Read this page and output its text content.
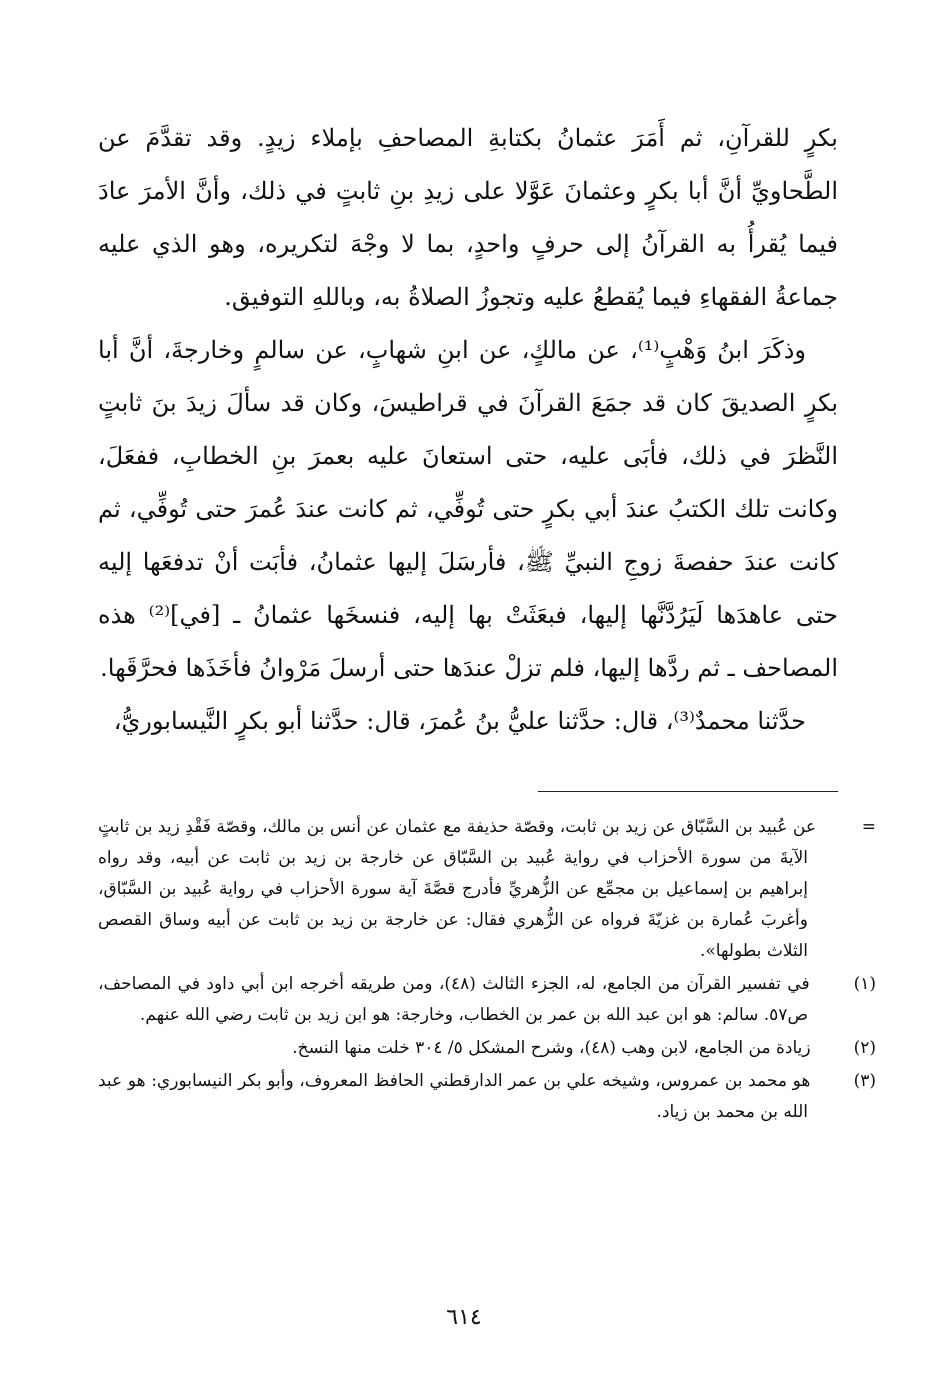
بكرٍ للقرآنِ، ثم أَمَرَ عثمانُ بكتابةِ المصاحفِ بإملاء زيدٍ. وقد تقدَّمَ عن الطَّحاويِّ أنَّ أبا بكرٍ وعثمانَ عَوَّلا على زيدِ بنِ ثابتٍ في ذلك، وأنَّ الأمرَ عادَ فيما يُقرأُ به القرآنُ إلى حرفٍ واحدٍ، بما لا وجْهَ لتكريره، وهو الذي عليه جماعةُ الفقهاءِ فيما يُقطعُ عليه وتجوزُ الصلاةُ به، وباللهِ التوفيق.

وذكَرَ ابنُ وَهْبٍ⁽¹⁾، عن مالكٍ، عن ابنِ شهابٍ، عن سالمٍ وخارجةَ، أنَّ أبا بكرٍ الصديقَ كان قد جمَعَ القرآنَ في قراطيسَ، وكان قد سألَ زيدَ بنَ ثابتٍ النَّظرَ في ذلك، فأبَى عليه، حتى استعانَ عليه بعمرَ بنِ الخطابِ، ففعَلَ، وكانت تلك الكتبُ عندَ أبي بكرٍ حتى تُوفِّي، ثم كانت عندَ عُمرَ حتى تُوفِّي، ثم كانت عندَ حفصةَ زوجِ النبيِّ ﷺ، فأرسَلَ إليها عثمانُ، فأبَت أنْ تدفعَها إليه حتى عاهدَها لَيَرُدَّنَّها إليها، فبعَثَتْ بها إليه، فنسخَها عثمانُ ـ [في]⁽²⁾ هذه المصاحف ـ ثم ردَّها إليها، فلم تزلْ عندَها حتى أرسلَ مَرْوانُ فأخَذَها فحرَّقَها.

حدَّثنا محمدٌ⁽³⁾، قال: حدَّثنا عليُّ بنُ عُمرَ، قال: حدَّثنا أبو بكرٍ النَّيسابوريُّ،

=عن عُبيد بن السَّبّاق عن زيد بن ثابت، وقصّة حذيفة مع عثمان عن أنس بن مالك، وقصّة فَقْدِ زيد بن ثابتٍ الآيةَ من سورة الأحزاب في رواية عُبيد بن السَّبّاق عن خارجة بن زيد بن ثابت عن أبيه، وقد رواه إبراهيم بن إسماعيل بن مجمِّع عن الزُّهريِّ فأدرج قصَّةَ آية سورة الأحزاب في رواية عُبيد بن السَّبّاق، وأغربَ عُمارة بن غزيّةَ فرواه عن الزُّهري فقال: عن خارجة بن زيد بن ثابت عن أبيه وساق القصص الثلاث بطولها».

(١) في تفسير القرآن من الجامع، له، الجزء الثالث (٤٨)، ومن طريقه أخرجه ابن أبي داود في المصاحف، ص٥٧. سالم: هو ابن عبد الله بن عمر بن الخطاب، وخارجة: هو ابن زيد بن ثابت رضي الله عنهم.

(٢) زيادة من الجامع، لابن وهب (٤٨)، وشرح المشكل ٥/ ٣٠٤ خلت منها النسخ.

(٣) هو محمد بن عمروس، وشيخه علي بن عمر الدارقطني الحافظ المعروف، وأبو بكر النيسابوري: هو عبد الله بن محمد بن زياد.

٦١٤
